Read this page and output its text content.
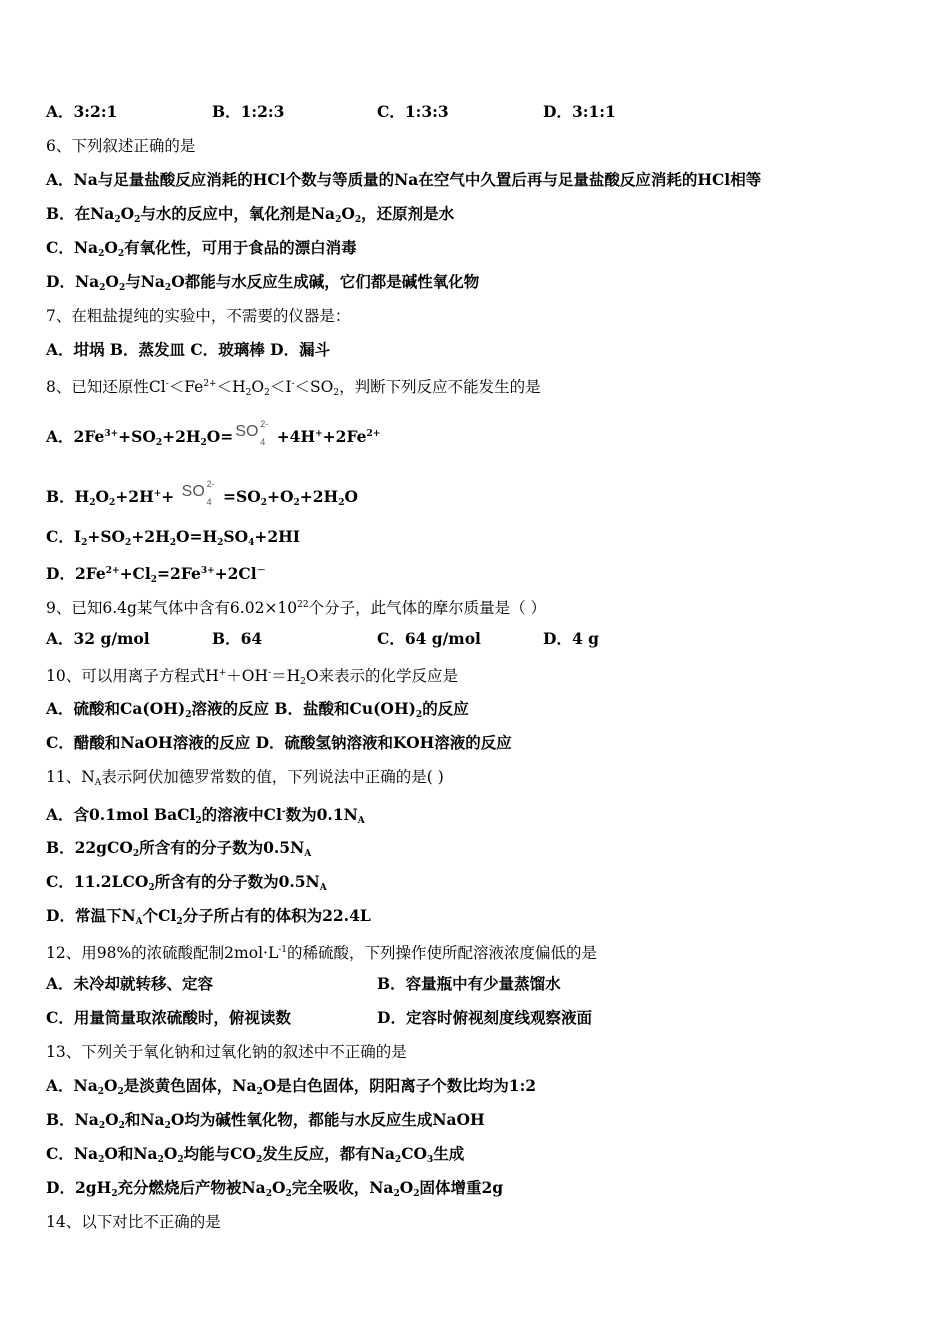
A．3:2:1	B．1:2:3	C．1:3:3	D．3:1:1
6、下列叙述正确的是
A．Na与足量盐酸反应消耗的HCl个数与等质量的Na在空气中久置后再与足量盐酸反应消耗的HCl相等
B．在$Na_2O_2$与水的反应中，氧化剂是$Na_2O_2$，还原剂是水
C．$Na_2O_2$有氧化性，可用于食品的漂白消毒
D．$Na_2O_2$与$Na_2O$都能与水反应生成碱，它们都是碱性氧化物
7、在粗盐提纯的实验中，不需要的仪器是：
A．坩埚 B．蒸发皿 C．玻璃棒 D．漏斗
8、已知还原性$Cl^-<Fe^{2+}<H_2O_2<I^-<SO_2$，判断下列反应不能发生的是
A．$2Fe^{3+}+SO_2+2H_2O=$ SO 2-
$4 +4H^++2Fe^{2+}$
B．$H_2O_2+2H^++$ SO 2-
$4 =SO_2+O_2+2H_2O$
C．$I_2+SO_2+2H_2O=H_2SO_4+2HI$
D．$2Fe^{2+}+Cl_2=2Fe^{3+}+2Cl^-$
9、已知6.4g某气体中含有$6.02\times 10^{22}$个分子，此气体的摩尔质量是（ ）
A．32 g/mol	B．64	C．64 g/mol	D．4 g
10、可以用离子方程式$H^++OH^-=H_2O$来表示的化学反应是
A．硫酸和$Ca(OH)_2$溶液的反应 B．盐酸和$Cu(OH)_2$的反应
C．醋酸和NaOH溶液的反应 D．硫酸氢钠溶液和KOH溶液的反应
11、$N_A$表示阿伏加德罗常数的值，下列说法中正确的是( )
A．含0.1mol BaCl$_2$的溶液中Cl-数为$0.1N_A$
B．22gCO$_2$所含有的分子数为$0.5N_A$
C．$11.2LCO_2$所含有的分子数为$0.5N_A$
D．常温下$N_A$个$Cl_2$分子所占有的体积为22.4L
12、用98%的浓硫酸配制$2mol\cdot L^{-1}$的稀硫酸，下列操作使所配溶液浓度偏低的是
A．未冷却就转移、定容	B．容量瓶中有少量蒸馏水
C．用量筒量取浓硫酸时，俯视读数	D．定容时俯视刻度线观察液面
13、下列关于氧化钠和过氧化钠的叙述中不正确的是
A．$Na_2O_2$是淡黄色固体，$Na_2O$是白色固体，阴阳离子个数比均为1:2
B．$Na_2O_2$和$Na_2O$均为碱性氧化物，都能与水反应生成NaOH
C．$Na_2O$和$Na_2O_2$均能与$CO_2$发生反应，都有$Na_2CO_3$生成
D．$2gH_2$充分燃烧后产物被$Na_2O_2$完全吸收，$Na_2O_2$固体增重2g
14、以下对比不正确的是
